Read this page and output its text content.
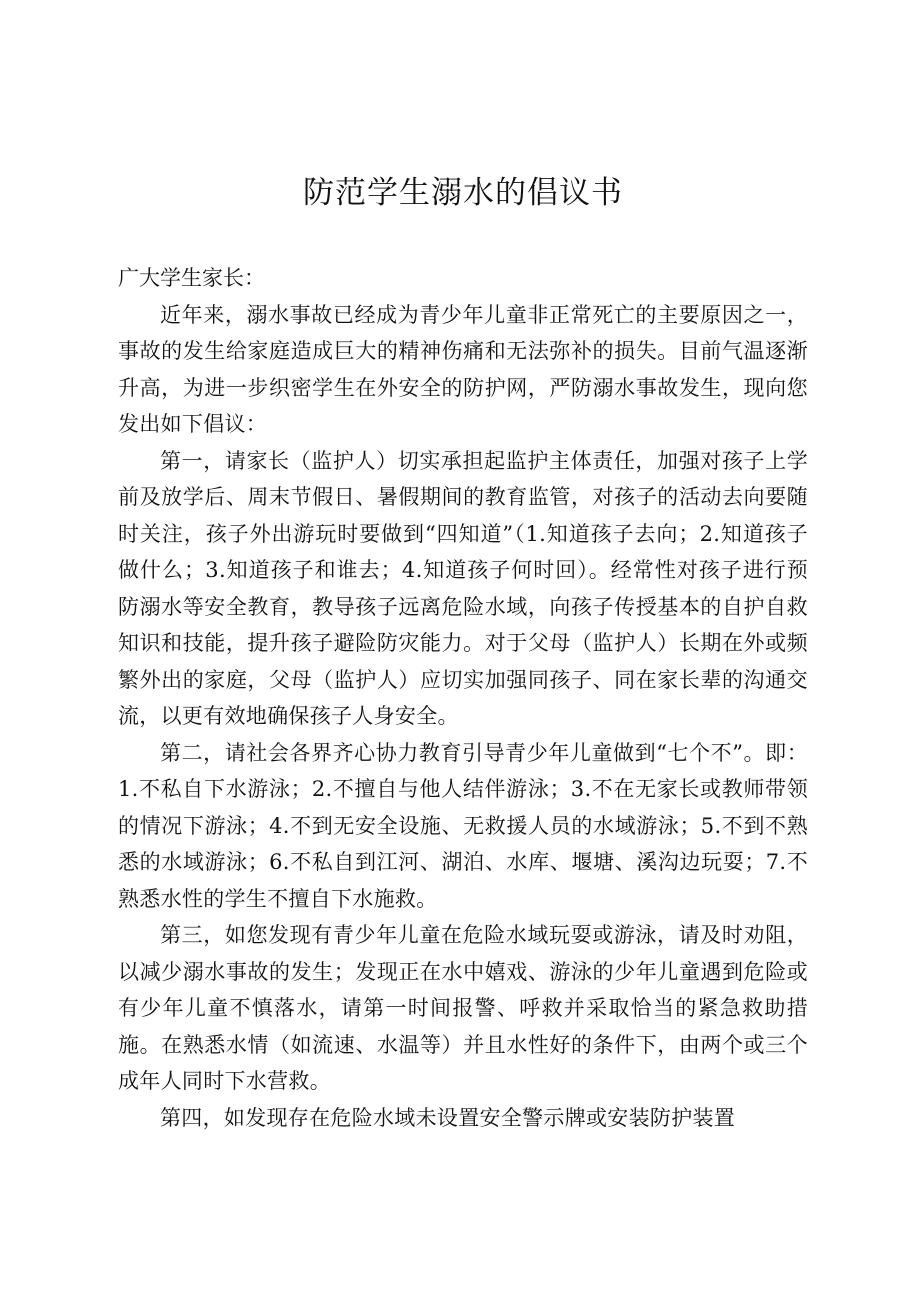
防范学生溺水的倡议书

广大学生家长：

近年来，溺水事故已经成为青少年儿童非正常死亡的主要原因之一，事故的发生给家庭造成巨大的精神伤痛和无法弥补的损失。目前气温逐渐升高，为进一步织密学生在外安全的防护网，严防溺水事故发生，现向您发出如下倡议：

第一，请家长（监护人）切实承担起监护主体责任，加强对孩子上学前及放学后、周末节假日、暑假期间的教育监管，对孩子的活动去向要随时关注，孩子外出游玩时要做到“四知道”（1.知道孩子去向；2.知道孩子做什么；3.知道孩子和谁去；4.知道孩子何时回）。经常性对孩子进行预防溺水等安全教育，教导孩子远离危险水域，向孩子传授基本的自护自救知识和技能，提升孩子避险防灾能力。对于父母（监护人）长期在外或频繁外出的家庭，父母（监护人）应切实加强同孩子、同在家长辈的沟通交流，以更有效地确保孩子人身安全。

第二，请社会各界齐心协力教育引导青少年儿童做到“七个不”。即：1.不私自下水游泳；2.不擅自与他人结伴游泳；3.不在无家长或教师带领的情况下游泳；4.不到无安全设施、无救援人员的水域游泳；5.不到不熟悉的水域游泳；6.不私自到江河、湖泊、水库、堰塘、溪沟边玩耍；7.不熟悉水性的学生不擅自下水施救。

第三，如您发现有青少年儿童在危险水域玩耍或游泳，请及时劝阻，以减少溺水事故的发生；发现正在水中嬉戏、游泳的少年儿童遇到危险或有少年儿童不慎落水，请第一时间报警、呼救并采取恰当的紧急救助措施。在熟悉水情（如流速、水温等）并且水性好的条件下，由两个或三个成年人同时下水营救。

第四，如发现存在危险水域未设置安全警示牌或安装防护装置
